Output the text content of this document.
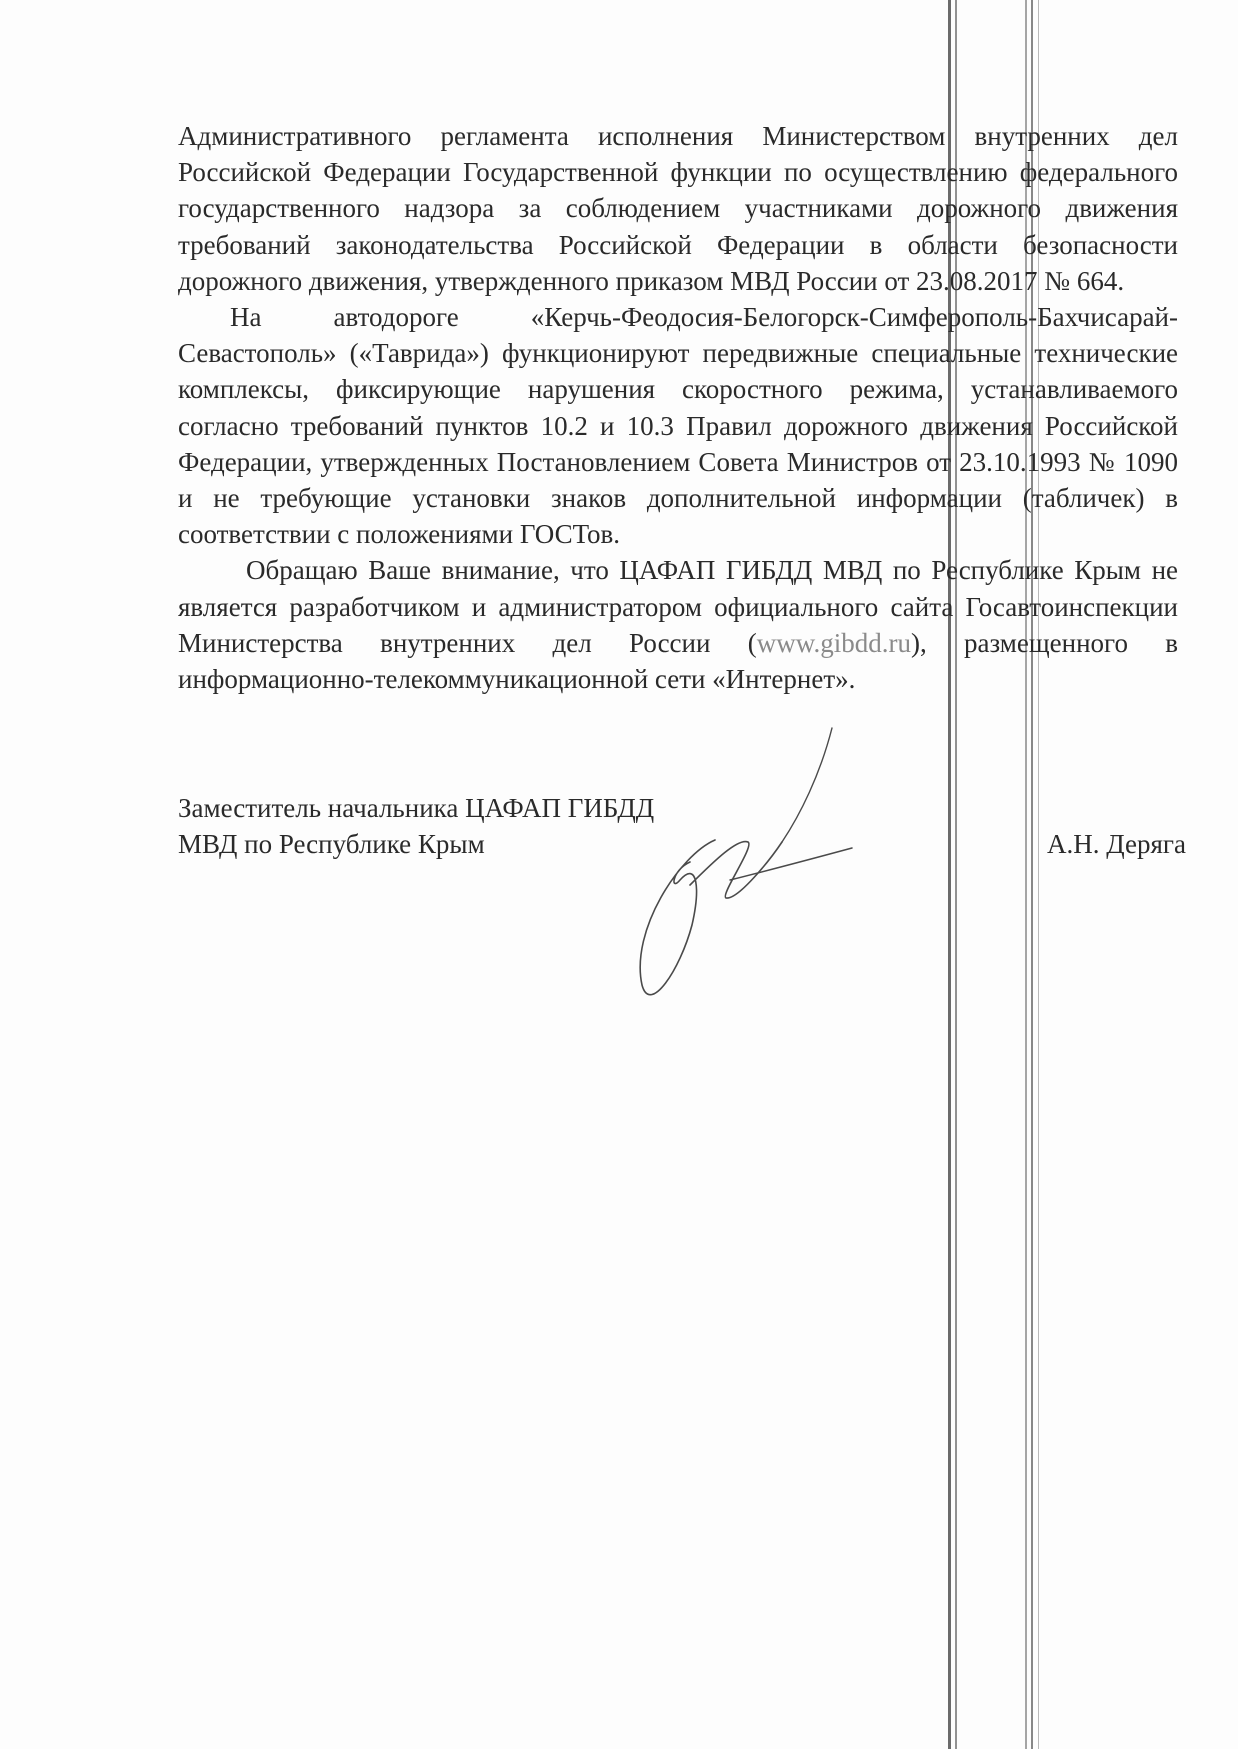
Административного регламента исполнения Министерством внутренних дел Российской Федерации Государственной функции по осуществлению федерального государственного надзора за соблюдением участниками дорожного движения требований законодательства Российской Федерации в области безопасности дорожного движения, утвержденного приказом МВД России от 23.08.2017 № 664.

На автодороге «Керчь-Феодосия-Белогорск-Симферополь-Бахчисарай-Севастополь» («Таврида») функционируют передвижные специальные технические комплексы, фиксирующие нарушения скоростного режима, устанавливаемого согласно требований пунктов 10.2 и 10.3 Правил дорожного движения Российской Федерации, утвержденных Постановлением Совета Министров от 23.10.1993 № 1090 и не требующие установки знаков дополнительной информации (табличек) в соответствии с положениями ГОСТов.

Обращаю Ваше внимание, что ЦАФАП ГИБДД МВД по Республике Крым не является разработчиком и администратором официального сайта Госавтоинспекции Министерства внутренних дел России (www.gibdd.ru), размещенного в информационно-телекоммуникационной сети «Интернет».

Заместитель начальника ЦАФАП ГИБДД
МВД по Республике Крым	А.Н. Деряга
